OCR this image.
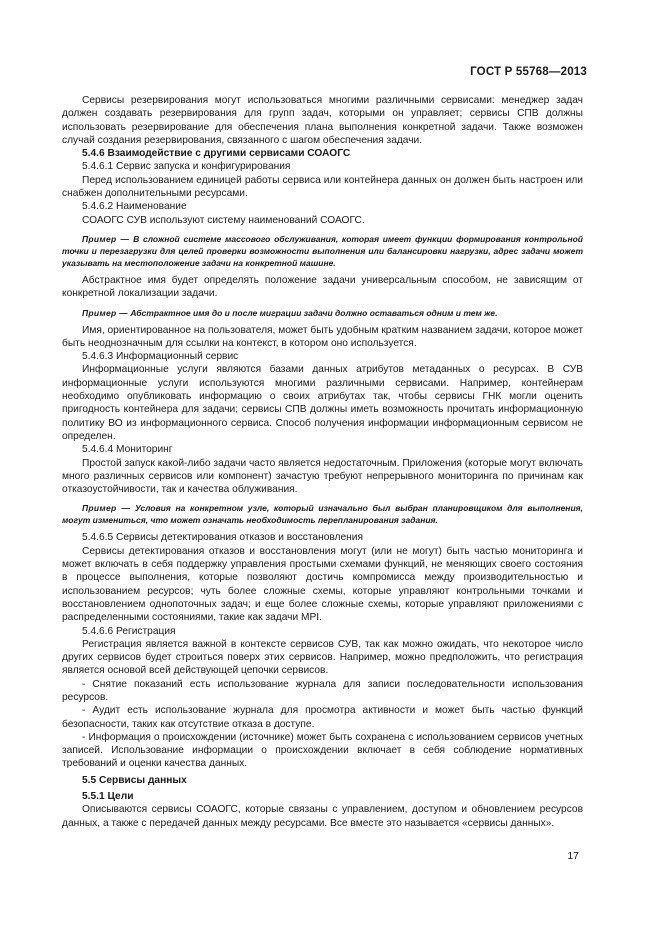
ГОСТ Р 55768—2013

Сервисы резервирования могут использоваться многими различными сервисами: менеджер задач должен создавать резервирования для групп задач, которыми он управляет; сервисы СПВ должны использовать резервирование для обеспечения плана выполнения конкретной задачи. Также возможен случай создания резервирования, связанного с шагом обеспечения задачи.

5.4.6 Взаимодействие с другими сервисами СОАОГС

5.4.6.1 Сервис запуска и конфигурирования

Перед использованием единицей работы сервиса или контейнера данных он должен быть настроен или снабжен дополнительными ресурсами.

5.4.6.2 Наименование

СОАОГС СУВ используют систему наименований СОАОГС.

Пример — В сложной системе массового обслуживания, которая имеет функции формирования контрольной точки и перезагрузки для целей проверки возможности выполнения или балансировки нагрузки, адрес задачи может указывать на местоположение задачи на конкретной машине.

Абстрактное имя будет определять положение задачи универсальным способом, не зависящим от конкретной локализации задачи.

Пример — Абстрактное имя до и после миграции задачи должно оставаться одним и тем же.

Имя, ориентированное на пользователя, может быть удобным кратким названием задачи, которое может быть неоднозначным для ссылки на контекст, в котором оно используется.

5.4.6.3 Информационный сервис

Информационные услуги являются базами данных атрибутов метаданных о ресурсах. В СУВ информационные услуги используются многими различными сервисами. Например, контейнерам необходимо опубликовать информацию о своих атрибутах так, чтобы сервисы ГНК могли оценить пригодность контейнера для задачи; сервисы СПВ должны иметь возможность прочитать информационную политику ВО из информационного сервиса. Способ получения информации информационным сервисом не определен.

5.4.6.4 Мониторинг

Простой запуск какой-либо задачи часто является недостаточным. Приложения (которые могут включать много различных сервисов или компонент) зачастую требуют непрерывного мониторинга по причинам как отказоустойчивости, так и качества облуживания.

Пример — Условия на конкретном узле, который изначально был выбран планировщиком для выполнения, могут измениться, что может означать необходимость перепланирования задания.

5.4.6.5 Сервисы детектирования отказов и восстановления

Сервисы детектирования отказов и восстановления могут (или не могут) быть частью мониторинга и может включать в себя поддержку управления простыми схемами функций, не меняющих своего состояния в процессе выполнения, которые позволяют достичь компромисса между производительностью и использованием ресурсов; чуть более сложные схемы, которые управляют контрольными точками и восстановлением однопоточных задач; и еще более сложные схемы, которые управляют приложениями с распределенными состояниями, такие как задачи MPI.

5.4.6.6 Регистрация

Регистрация является важной в контексте сервисов СУВ, так как можно ожидать, что некоторое число других сервисов будет строиться поверх этих сервисов. Например, можно предположить, что регистрация является основой всей действующей цепочки сервисов.

- Снятие показаний есть использование журнала для записи последовательности использования ресурсов.

- Аудит есть использование журнала для просмотра активности и может быть частью функций безопасности, таких как отсутствие отказа в доступе.

- Информация о происхождении (источнике) может быть сохранена с использованием сервисов учетных записей. Использование информации о происхождении включает в себя соблюдение нормативных требований и оценки качества данных.

5.5 Сервисы данных

5.5.1 Цели

Описываются сервисы СОАОГС, которые связаны с управлением, доступом и обновлением ресурсов данных, а также с передачей данных между ресурсами. Все вместе это называется «сервисы данных».

17
